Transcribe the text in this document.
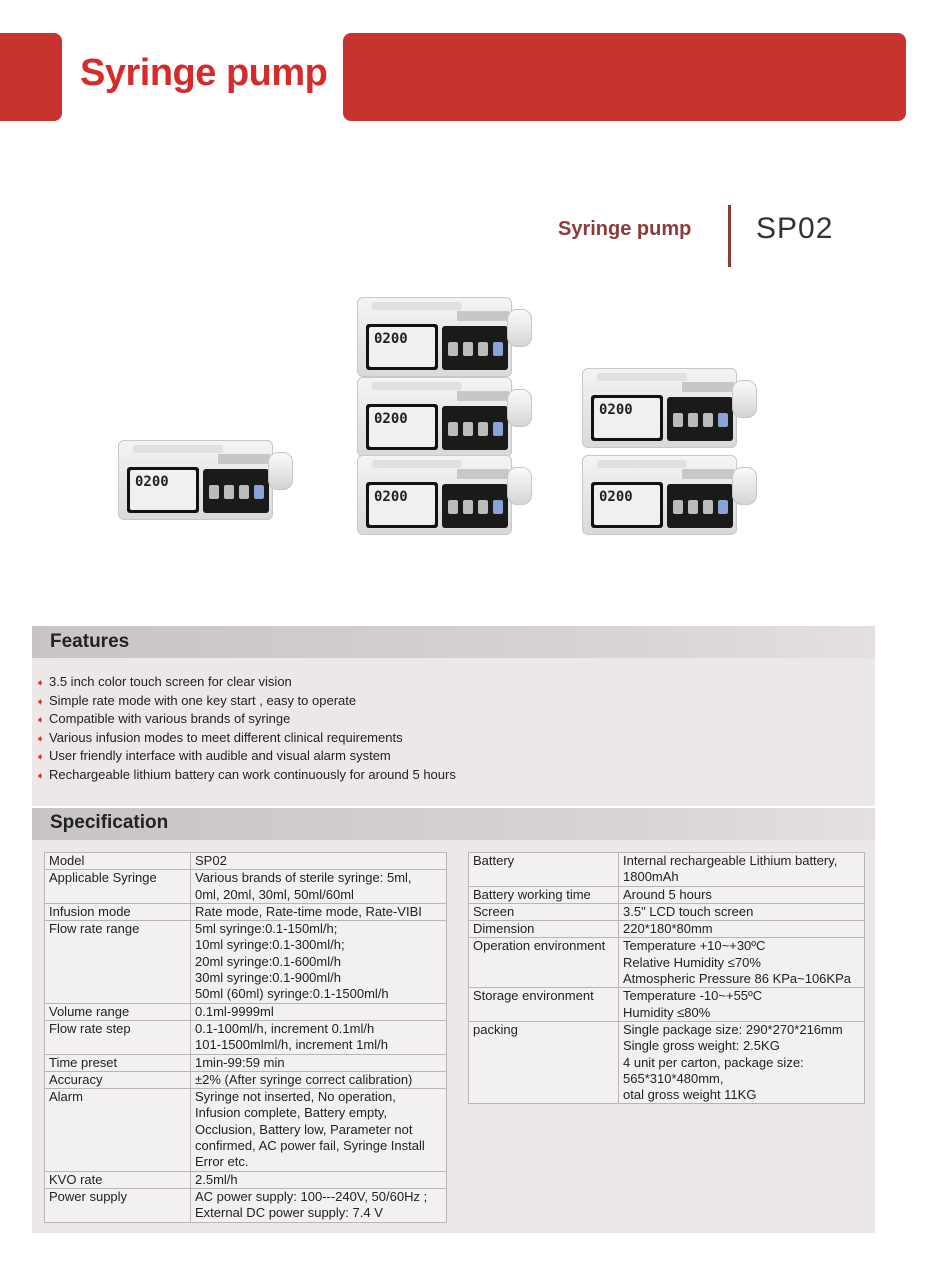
Syringe pump
Syringe pump SP02
0200
0200
0200
0200
0200
0200
Features
➧ 3.5 inch color touch screen for clear vision
➧ Simple rate mode with one key start , easy to operate
➧ Compatible with various brands of syringe
➧ Various infusion modes to meet different clinical requirements
➧ User friendly interface with audible and visual alarm system
➧ Rechargeable lithium battery can work continuously for around 5 hours
Specification
Model	SP02
Applicable Syringe	Various brands of sterile syringe: 5ml,
0ml, 20ml, 30ml, 50ml/60ml
Infusion mode	Rate mode, Rate-time mode, Rate-VIBI
Flow rate range	5ml syringe:0.1-150ml/h;
10ml syringe:0.1-300ml/h;
20ml syringe:0.1-600ml/h
30ml syringe:0.1-900ml/h
50ml (60ml) syringe:0.1-1500ml/h
Volume range	0.1ml-9999ml
Flow rate step	0.1-100ml/h, increment 0.1ml/h
101-1500mlml/h, increment 1ml/h
Time preset	1min-99:59 min
Accuracy	±2% (After syringe correct calibration)
Alarm	Syringe not inserted, No operation,
Infusion complete, Battery empty,
Occlusion, Battery low, Parameter not
confirmed, AC power fail, Syringe Install
Error etc.
KVO rate	2.5ml/h
Power supply	AC power supply: 100---240V, 50/60Hz ;
External DC power supply: 7.4 V
Battery	Internal rechargeable Lithium battery,
1800mAh
Battery working time	Around 5 hours
Screen	3.5" LCD touch screen
Dimension	220*180*80mm
Operation environment	Temperature +10~+30ºC
Relative Humidity ≤70%
Atmospheric Pressure 86 KPa~106KPa
Storage environment	Temperature -10~+55ºC
Humidity ≤80%
packing	Single package size: 290*270*216mm
Single gross weight: 2.5KG
4 unit per carton, package size:
565*310*480mm,
otal gross weight 11KG
